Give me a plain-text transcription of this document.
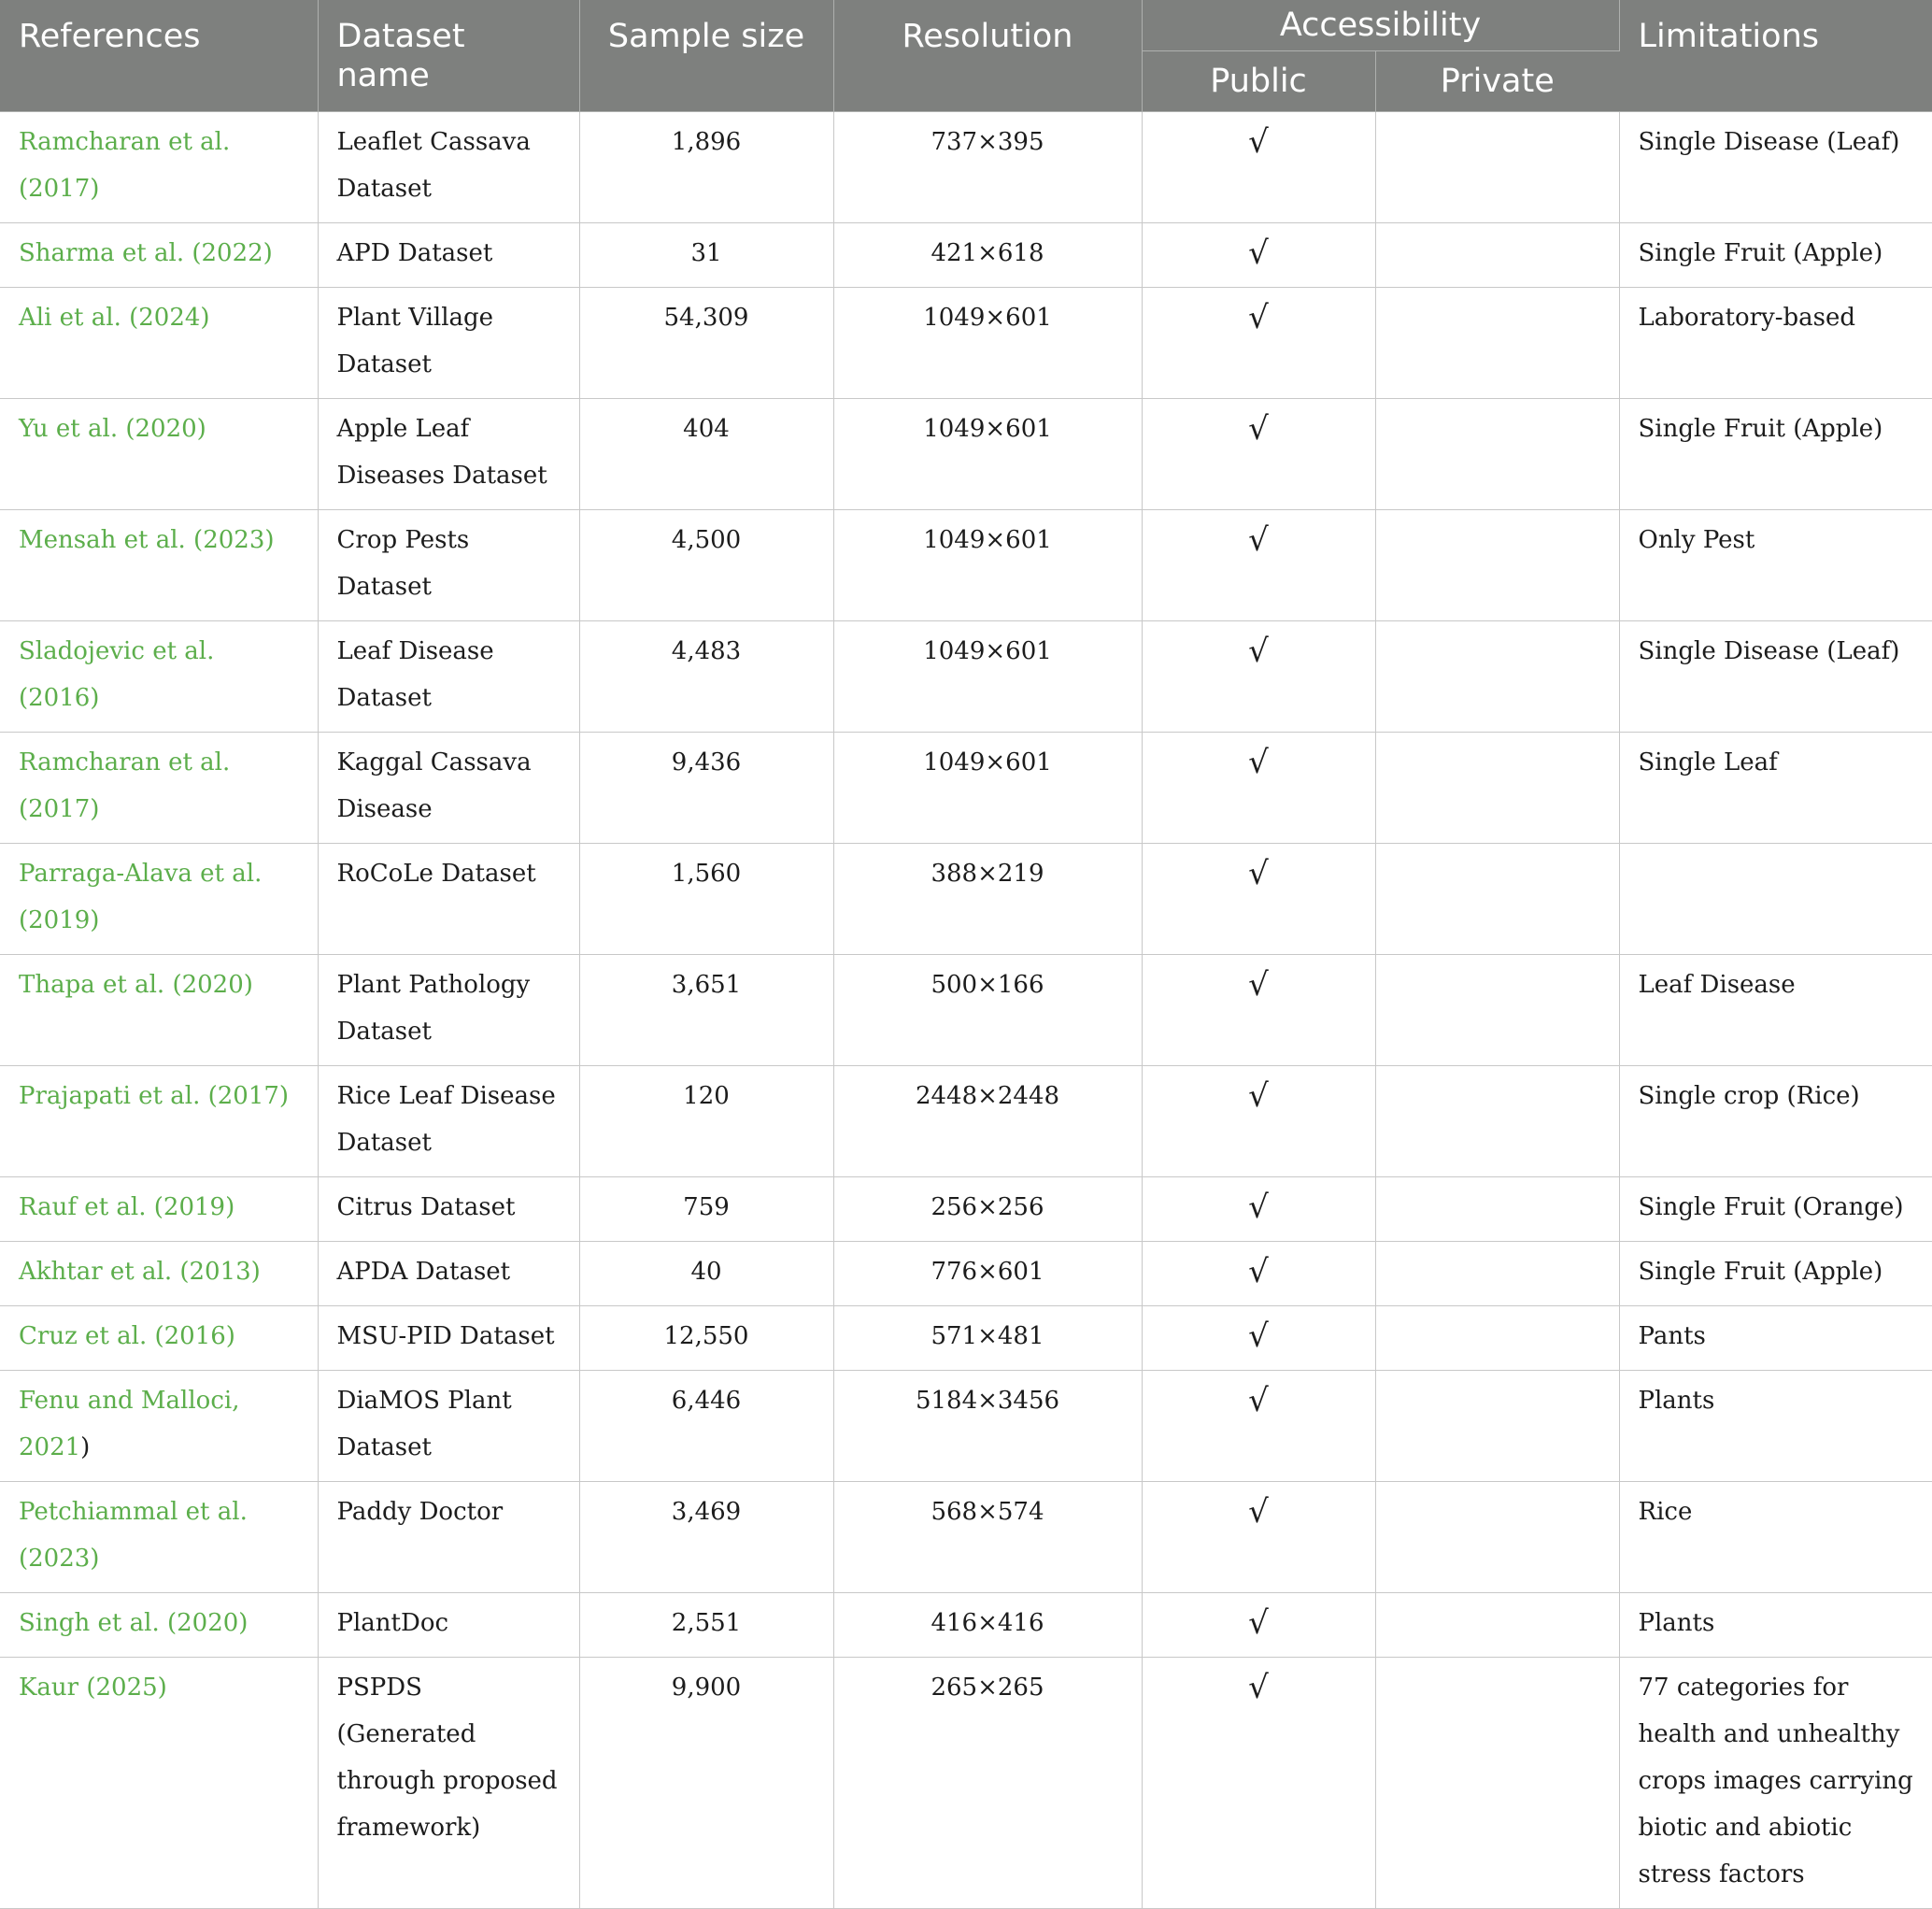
References	Dataset name	Sample size	Resolution	Accessibility		Limitations
				Public	Private	
Ramcharan et al. (2017)	Leaflet Cassava Dataset	1,896	737×395	√		Single Disease (Leaf)
Sharma et al. (2022)	APD Dataset	31	421×618	√		Single Fruit (Apple)
Ali et al. (2024)	Plant Village Dataset	54,309	1049×601	√		Laboratory-based
Yu et al. (2020)	Apple Leaf Diseases Dataset	404	1049×601	√		Single Fruit (Apple)
Mensah et al. (2023)	Crop Pests Dataset	4,500	1049×601	√		Only Pest
Sladojevic et al. (2016)	Leaf Disease Dataset	4,483	1049×601	√		Single Disease (Leaf)
Ramcharan et al. (2017)	Kaggal Cassava Disease	9,436	1049×601	√		Single Leaf
Parraga-Alava et al. (2019)	RoCoLe Dataset	1,560	388×219	√		
Thapa et al. (2020)	Plant Pathology Dataset	3,651	500×166	√		Leaf Disease
Prajapati et al. (2017)	Rice Leaf Disease Dataset	120	2448×2448	√		Single crop (Rice)
Rauf et al. (2019)	Citrus Dataset	759	256×256	√		Single Fruit (Orange)
Akhtar et al. (2013)	APDA Dataset	40	776×601	√		Single Fruit (Apple)
Cruz et al. (2016)	MSU-PID Dataset	12,550	571×481	√		Pants
Fenu and Malloci, 2021)	DiaMOS Plant Dataset	6,446	5184×3456	√		Plants
Petchiammal et al. (2023)	Paddy Doctor	3,469	568×574	√		Rice
Singh et al. (2020)	PlantDoc	2,551	416×416	√		Plants
Kaur (2025)	PSPDS (Generated through proposed framework)	9,900	265×265	√		77 categories for health and unhealthy crops images carrying biotic and abiotic stress factors
